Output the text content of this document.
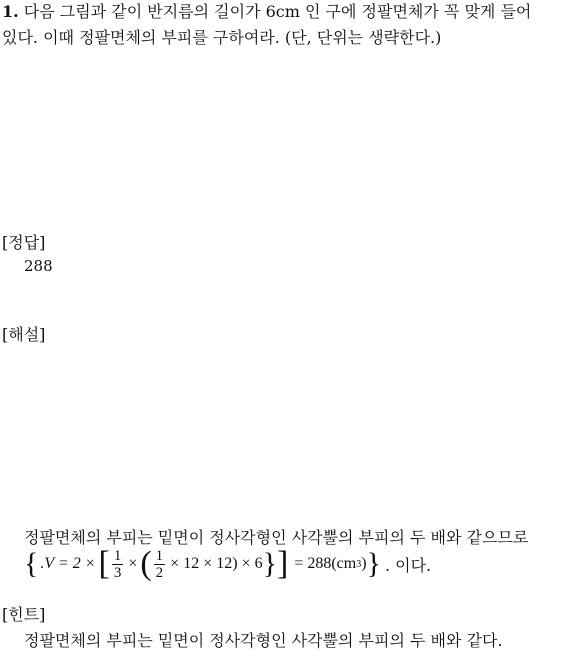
1. 다음 그림과 같이 반지름의 길이가 6cm 인 구에 정팔면체가 꼭 맞게 들어
있다. 이때 정팔면체의 부피를 구하여라. (단, 단위는 생략한다.)
[정답]
288
[해설]
정팔면체의 부피는 밑면이 정사각형인 사각뿔의 부피의 두 배와 같으므로
{ .V = 2 × [ $\frac{1}{3}$ × ( $\frac{1}{2} \times 12 \times 12) \times 6$ } ] = 288(cm 3 ) } . 이다.
[힌트]
정팔면체의 부피는 밑면이 정사각형인 사각뿔의 부피의 두 배와 같다.
